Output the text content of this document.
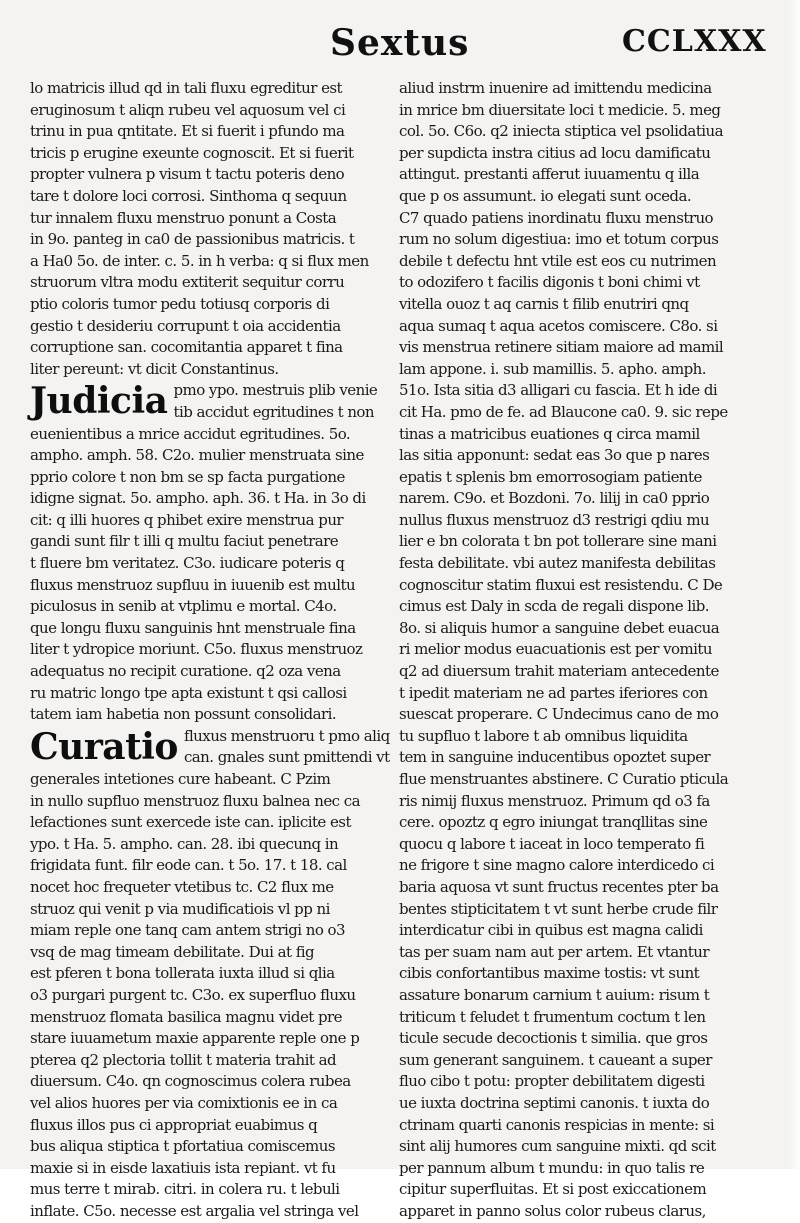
Sextus	CCLXXX
lo matricis illud qd in tali fluxu egreditur est
eruginosum t aliqn rubeu vel aquosum vel ci
trinu in pua qntitate. Et si fuerit i pfundo ma
tricis p erugine exeunte cognoscit. Et si fuerit
propter vulnera p visum t tactu poteris deno
tare t dolore loci corrosi. Sinthoma q sequun
tur innalem fluxu menstruo ponunt a Costa
in 9o. panteg in ca0 de passionibus matricis. t
a Ha0 5o. de inter. c. 5. in h verba: q si flux men
struorum vltra modu extiterit sequitur corru
ptio coloris tumor pedu totiusq corporis di
gestio t desideriu corrupunt t oia accidentia
corruptione san. cocomitantia apparet t fina
liter pereunt: vt dicit Constantinus.
Judicia pmo ypo. mestruis plib venie
tib accidut egritudines t non
euenientibus a mrice accidut egritudines. 5o.
ampho. amph. 58. C2o. mulier menstruata sine
pprio colore t non bm se sp facta purgatione
idigne signat. 5o. ampho. aph. 36. t Ha. in 3o di
cit: q illi huores q phibet exire menstrua pur
gandi sunt filr t illi q multu faciut penetrare
t fluere bm veritatez. C3o. iudicare poteris q
fluxus menstruoz supfluu in iuuenib est multu
piculosus in senib at vtplimu e mortal. C4o.
que longu fluxu sanguinis hnt menstruale fina
liter t ydropice moriunt. C5o. fluxus menstruoz
adequatus no recipit curatione. q2 oza vena
ru matric longo tpe apta existunt t qsi callosi
tatem iam habetia non possunt consolidari.
Curatio fluxus menstruoru t pmo aliq
can. gnales sunt pmittendi vt
generales intetiones cure habeant. C Pzim
in nullo supfluo menstruoz fluxu balnea nec ca
lefactiones sunt exercede iste can. iplicite est
ypo. t Ha. 5. ampho. can. 28. ibi quecunq in
frigidata funt. filr eode can. t 5o. 17. t 18. cal
nocet hoc frequeter vtetibus tc. C2 flux me
struoz qui venit p via mudificatiois vl pp ni
miam reple one tanq cam antem strigi no o3
vsq de mag timeam debilitate. Dui at fig
est pferen t bona tollerata iuxta illud si qlia
o3 purgari purgent tc. C3o. ex superfluo fluxu
menstruoz flomata basilica magnu videt pre
stare iuuametum maxie apparente reple one p
pterea q2 plectoria tollit t materia trahit ad
diuersum. C4o. qn cognoscimus colera rubea
vel alios huores per via comixtionis ee in ca
fluxus illos pus ci appropriat euabimus q
bus aliqua stiptica t pfortatiua comiscemus
maxie si in eisde laxatiuis ista repiant. vt fu
mus terre t mirab. citri. in colera ru. t lebuli
inflate. C5o. necesse est argalia vel stringa vel
aliud instrm inuenire ad imittendu medicina
in mrice bm diuersitate loci t medicie. 5. meg
col. 5o. C6o. q2 iniecta stiptica vel psolidatiua
per supdicta instra citius ad locu damificatu
attingut. prestanti afferut iuuamentu q illa
que p os assumunt. io elegati sunt oceda.
C7 quado patiens inordinatu fluxu menstruo
rum no solum digestiua: imo et totum corpus
debile t defectu hnt vtile est eos cu nutrimen
to odozifero t facilis digonis t boni chimi vt
vitella ouoz t aq carnis t filib enutriri qnq
aqua sumaq t aqua acetos comiscere. C8o. si
vis menstrua retinere sitiam maiore ad mamil
lam appone. i. sub mamillis. 5. apho. amph.
51o. Ista sitia d3 alligari cu fascia. Et h ide di
cit Ha. pmo de fe. ad Blaucone ca0. 9. sic repe
tinas a matricibus euationes q circa mamil
las sitia apponunt: sedat eas 3o que p nares
epatis t splenis bm emorrosogiam patiente
narem. C9o. et Bozdoni. 7o. lilij in ca0 pprio
nullus fluxus menstruoz d3 restrigi qdiu mu
lier e bn colorata t bn pot tollerare sine mani
festa debilitate. vbi autez manifesta debilitas
cognoscitur statim fluxui est resistendu. C De
cimus est Daly in scda de regali dispone lib.
8o. si aliquis humor a sanguine debet euacua
ri melior modus euacuationis est per vomitu
q2 ad diuersum trahit materiam antecedente
t ipedit materiam ne ad partes iferiores con
suescat properare. C Undecimus cano de mo
tu supfluo t labore t ab omnibus liquidita
tem in sanguine inducentibus opoztet super
flue menstruantes abstinere. C Curatio pticula
ris nimij fluxus menstruoz. Primum qd o3 fa
cere. opoztz q egro iniungat tranqllitas sine
quocu q labore t iaceat in loco temperato fi
ne frigore t sine magno calore interdicedo ci
baria aquosa vt sunt fructus recentes pter ba
bentes stipticitatem t vt sunt herbe crude filr
interdicatur cibi in quibus est magna calidi
tas per suam nam aut per artem. Et vtantur
cibis confortantibus maxime tostis: vt sunt
assature bonarum carnium t auium: risum t
triticum t feludet t frumentum coctum t len
ticule secude decoctionis t similia. que gros
sum generant sanguinem. t caueant a super
fluo cibo t potu: propter debilitatem digesti
ue iuxta doctrina septimi canonis. t iuxta do
ctrinam quarti canonis respicias in mente: si
sint alij humores cum sanguine mixti. qd scit
per pannum album t mundu: in quo talis re
cipitur superfluitas. Et si post exiccationem
apparet in panno solus color rubeus clarus,
